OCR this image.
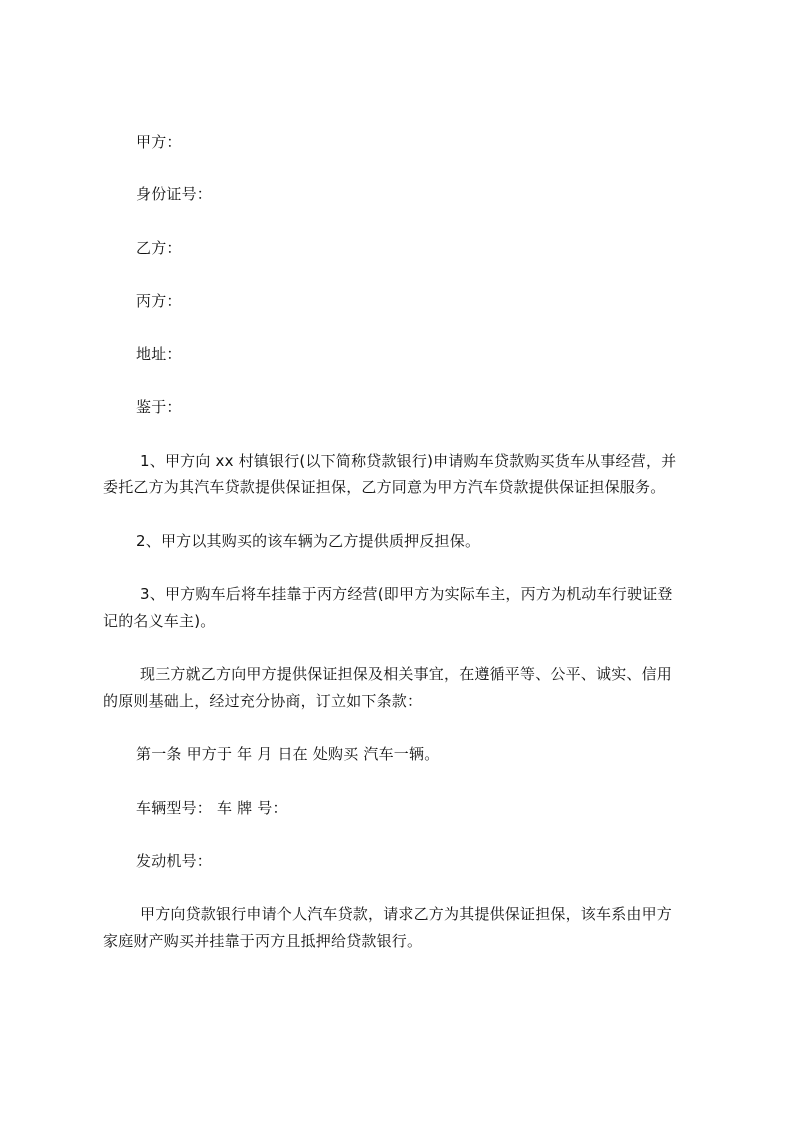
甲方：
身份证号：
乙方：
丙方：
地址：
鉴于：
1、甲方向 xx 村镇银行(以下简称贷款银行)申请购车贷款购买货车从事经营，并
委托乙方为其汽车贷款提供保证担保，乙方同意为甲方汽车贷款提供保证担保服务。
2、甲方以其购买的该车辆为乙方提供质押反担保。
3、甲方购车后将车挂靠于丙方经营(即甲方为实际车主，丙方为机动车行驶证登
记的名义车主)。
现三方就乙方向甲方提供保证担保及相关事宜，在遵循平等、公平、诚实、信用
的原则基础上，经过充分协商，订立如下条款：
第一条 甲方于 年 月 日在 处购买 汽车一辆。
车辆型号： 车 牌 号：
发动机号：
甲方向贷款银行申请个人汽车贷款，请求乙方为其提供保证担保，该车系由甲方
家庭财产购买并挂靠于丙方且抵押给贷款银行。
